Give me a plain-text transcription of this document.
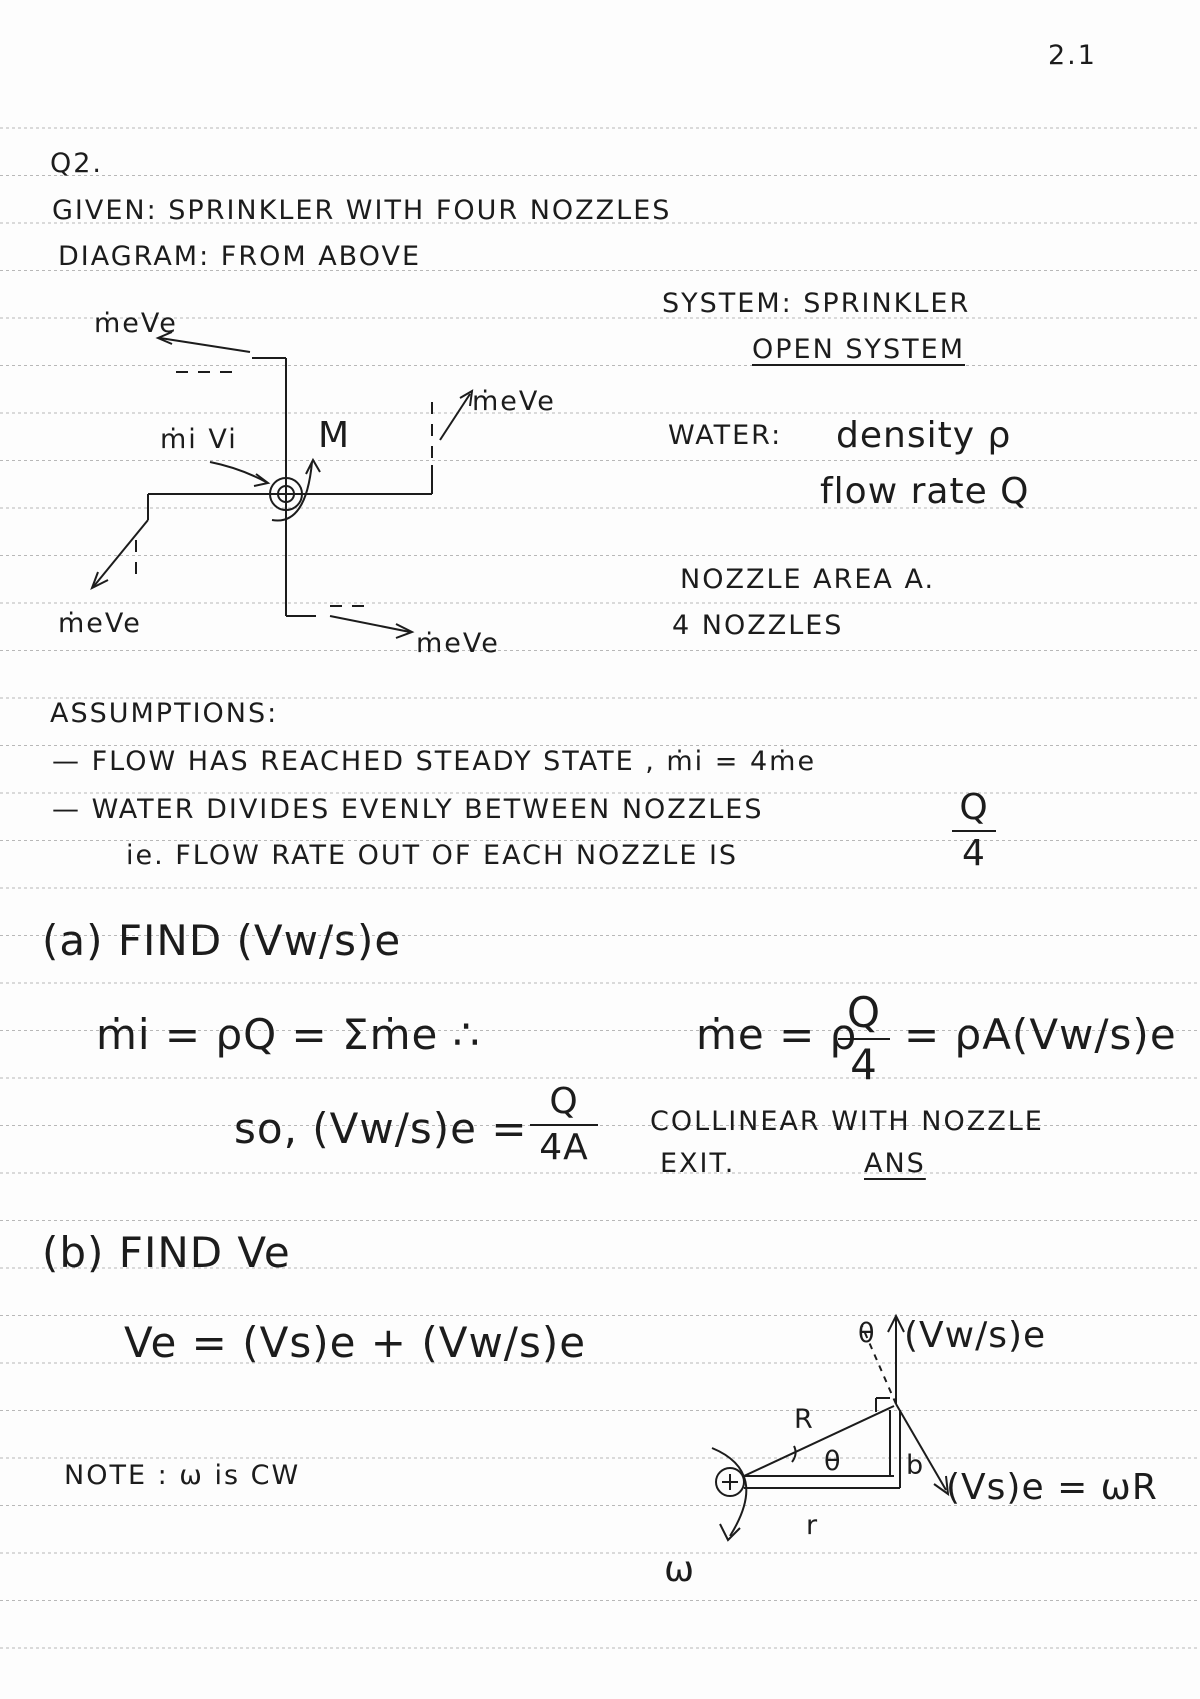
2.1
Q2.
GIVEN: SPRINKLER WITH FOUR NOZZLES
DIAGRAM: FROM ABOVE
ṁeVe
ṁeVe
ṁeVe
ṁeVe
ṁi Vi M
SYSTEM: SPRINKLER
OPEN SYSTEM
WATER: density ρ
flow rate Q
NOZZLE AREA A.
4 NOZZLES
ASSUMPTIONS:
— FLOW HAS REACHED STEADY STATE , ṁi = 4ṁe
— WATER DIVIDES EVENLY BETWEEN NOZZLES
ie. FLOW RATE OUT OF EACH NOZZLE IS
Q
4
(a) FIND (Vw/s)e
ṁi = ρQ = Σṁe ∴	ṁe = ρ
Q
4
= ρA(Vw/s)e
so, (Vw/s)e =
Q
4A
COLLINEAR WITH NOZZLE
EXIT.	ANS
(b) FIND Ve
Ve = (Vs)e + (Vw/s)e
NOTE : ω is CW
θ (Vw/s)e
R
θ b
(Vs)e = ωR
r
ω
